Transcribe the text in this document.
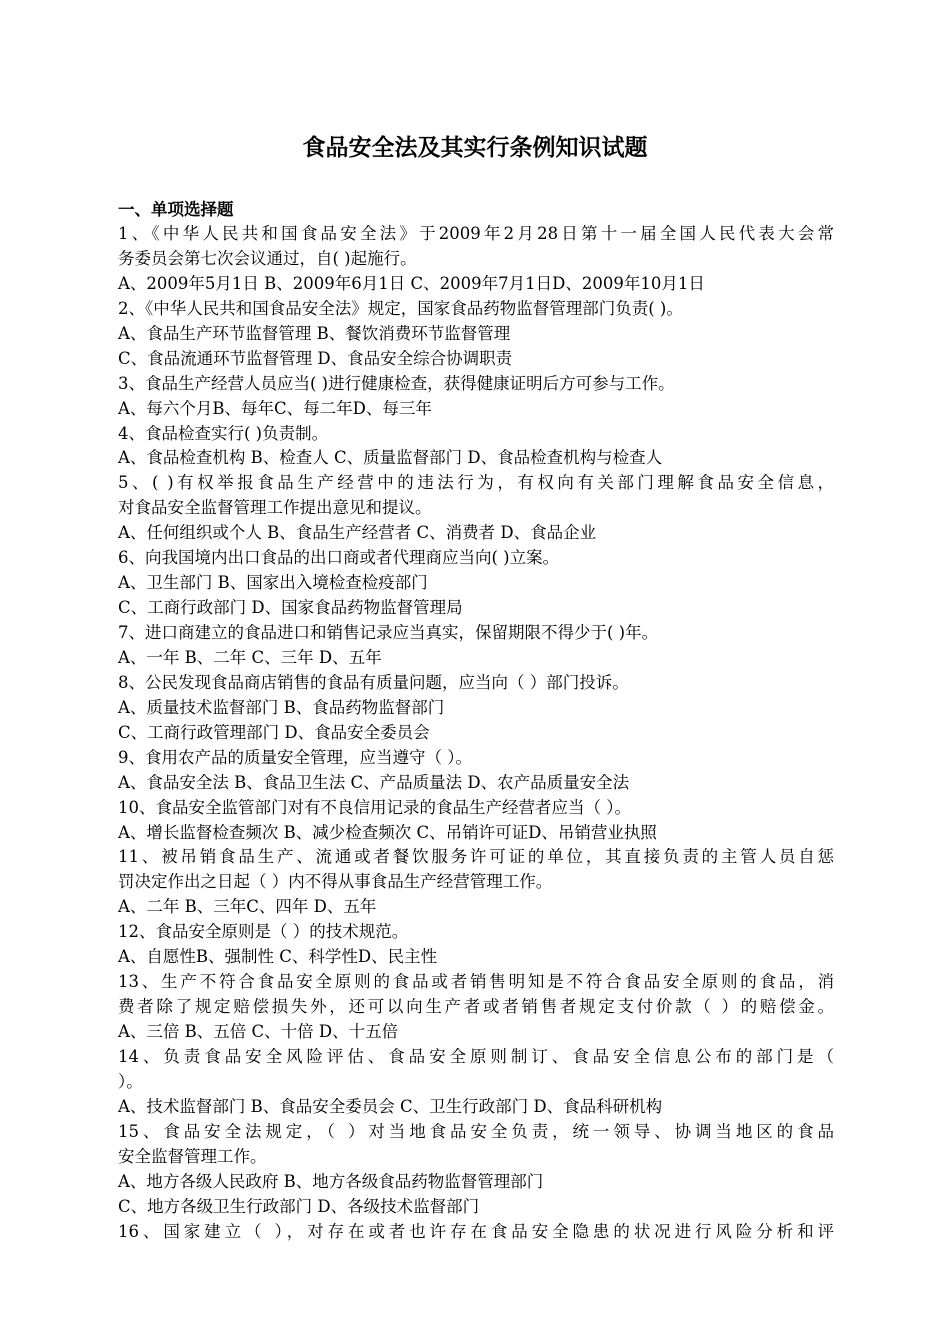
食品安全法及其实行条例知识试题
一、单项选择题
1、《中华人民共和国食品安全法》于2009年2月28日第十一届全国人民代表大会常
务委员会第七次会议通过，自( )起施行。
A、2009年5月1日 B、2009年6月1日 C、2009年7月1日D、2009年10月1日
2、《中华人民共和国食品安全法》规定，国家食品药物监督管理部门负责( )。
A、食品生产环节监督管理 B、餐饮消费环节监督管理
C、食品流通环节监督管理 D、食品安全综合协调职责
3、食品生产经营人员应当( )进行健康检查，获得健康证明后方可参与工作。
A、每六个月B、每年C、每二年D、每三年
4、食品检查实行( )负责制。
A、食品检查机构 B、检查人 C、质量监督部门 D、食品检查机构与检查人
5、( )有权举报食品生产经营中的违法行为，有权向有关部门理解食品安全信息，
对食品安全监督管理工作提出意见和提议。
A、任何组织或个人 B、食品生产经营者 C、消费者 D、食品企业
6、向我国境内出口食品的出口商或者代理商应当向( )立案。
A、卫生部门 B、国家出入境检查检疫部门
C、工商行政部门 D、国家食品药物监督管理局
7、进口商建立的食品进口和销售记录应当真实，保留期限不得少于( )年。
A、一年 B、二年 C、三年 D、五年
8、公民发现食品商店销售的食品有质量问题，应当向（ ）部门投诉。
A、质量技术监督部门 B、食品药物监督部门
C、工商行政管理部门 D、食品安全委员会
9、食用农产品的质量安全管理，应当遵守（ ）。
A、食品安全法 B、食品卫生法 C、产品质量法 D、农产品质量安全法
10、食品安全监管部门对有不良信用记录的食品生产经营者应当（ ）。
A、增长监督检查频次 B、减少检查频次 C、吊销许可证D、吊销营业执照
11、被吊销食品生产、流通或者餐饮服务许可证的单位，其直接负责的主管人员自惩
罚决定作出之日起（ ）内不得从事食品生产经营管理工作。
A、二年 B、三年C、四年 D、五年
12、食品安全原则是（ ）的技术规范。
A、自愿性B、强制性 C、科学性D、民主性
13、生产不符合食品安全原则的食品或者销售明知是不符合食品安全原则的食品，消
费者除了规定赔偿损失外，还可以向生产者或者销售者规定支付价款（ ）的赔偿金。
A、三倍 B、五倍 C、十倍 D、十五倍
14、负责食品安全风险评估、食品安全原则制订、食品安全信息公布的部门是（
）。
A、技术监督部门 B、食品安全委员会 C、卫生行政部门 D、食品科研机构
15、食品安全法规定，（ ）对当地食品安全负责，统一领导、协调当地区的食品
安全监督管理工作。
A、地方各级人民政府 B、地方各级食品药物监督管理部门
C、地方各级卫生行政部门 D、各级技术监督部门
16、国家建立（ ），对存在或者也许存在食品安全隐患的状况进行风险分析和评
